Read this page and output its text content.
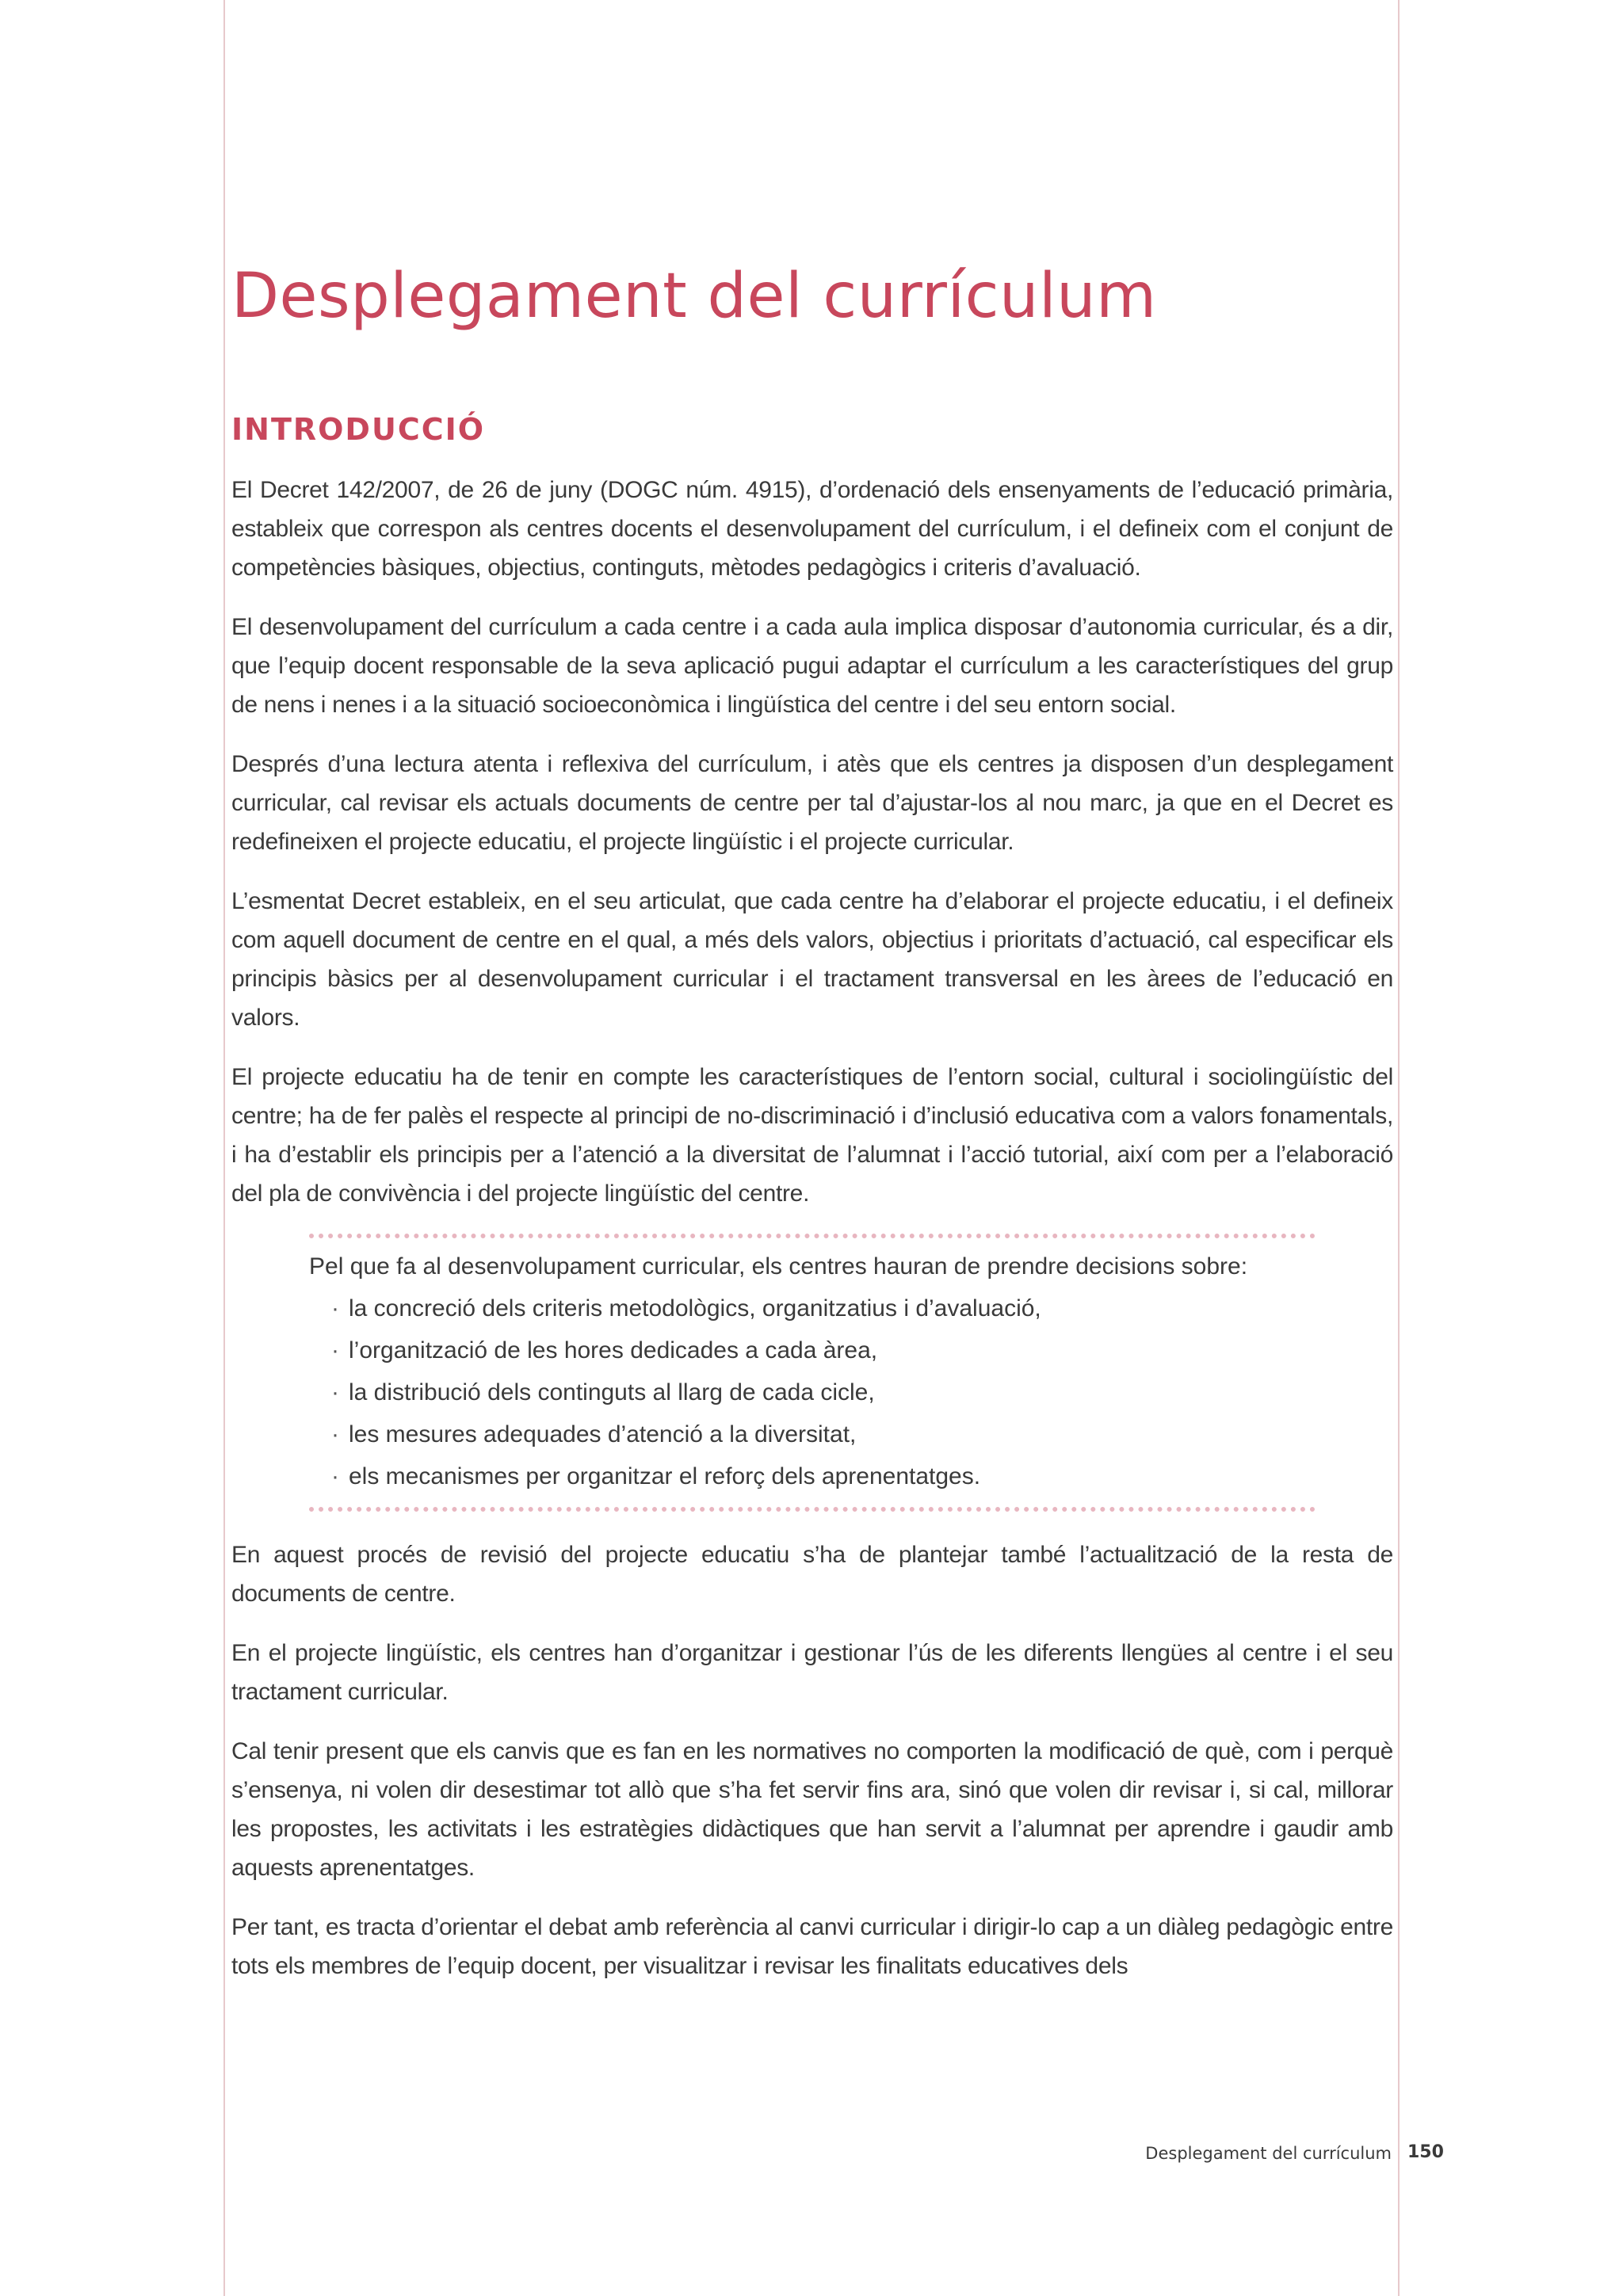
Desplegament del currículum
INTRODUCCIÓ

El Decret 142/2007, de 26 de juny (DOGC núm. 4915), d’ordenació dels ensenyaments de l’educació primària, estableix que correspon als centres docents el desenvolupament del currículum, i el defineix com el conjunt de competències bàsiques, objectius, continguts, mètodes pedagògics i criteris d’avaluació.

El desenvolupament del currículum a cada centre i a cada aula implica disposar d’autonomia curricular, és a dir, que l’equip docent responsable de la seva aplicació pugui adaptar el currículum a les característiques del grup de nens i nenes i a la situació socioeconòmica i lingüística del centre i del seu entorn social.

Després d’una lectura atenta i reflexiva del currículum, i atès que els centres ja disposen d’un desplegament curricular, cal revisar els actuals documents de centre per tal d’ajustar-los al nou marc, ja que en el Decret es redefineixen el projecte educatiu, el projecte lingüístic i el projecte curricular.

L’esmentat Decret estableix, en el seu articulat, que cada centre ha d’elaborar el projecte educatiu, i el defineix com aquell document de centre en el qual, a més dels valors, objectius i prioritats d’actuació, cal especificar els principis bàsics per al desenvolupament curricular i el tractament transversal en les àrees de l’educació en valors.

El projecte educatiu ha de tenir en compte les característiques de l’entorn social, cultural i sociolingüístic del centre; ha de fer palès el respecte al principi de no-discriminació i d’inclusió educativa com a valors fonamentals, i ha d’establir els principis per a l’atenció a la diversitat de l’alumnat i l’acció tutorial, així com per a l’elaboració del pla de convivència i del projecte lingüístic del centre.

Pel que fa al desenvolupament curricular, els centres hauran de prendre decisions sobre:

· la concreció dels criteris metodològics, organitzatius i d’avaluació,
· l’organització de les hores dedicades a cada àrea,
· la distribució dels continguts al llarg de cada cicle,
· les mesures adequades d’atenció a la diversitat,
· els mecanismes per organitzar el reforç dels aprenentatges.

En aquest procés de revisió del projecte educatiu s’ha de plantejar també l’actualització de la resta de documents de centre.

En el projecte lingüístic, els centres han d’organitzar i gestionar l’ús de les diferents llengües al centre i el seu tractament curricular.

Cal tenir present que els canvis que es fan en les normatives no comporten la modificació de què, com i perquè s’ensenya, ni volen dir desestimar tot allò que s’ha fet servir fins ara, sinó que volen dir revisar i, si cal, millorar les propostes, les activitats i les estratègies didàctiques que han servit a l’alumnat per aprendre i gaudir amb aquests aprenentatges.

Per tant, es tracta d’orientar el debat amb referència al canvi curricular i dirigir-lo cap a un diàleg pedagògic entre tots els membres de l’equip docent, per visualitzar i revisar les finalitats educatives dels

Desplegament del currículum 150
